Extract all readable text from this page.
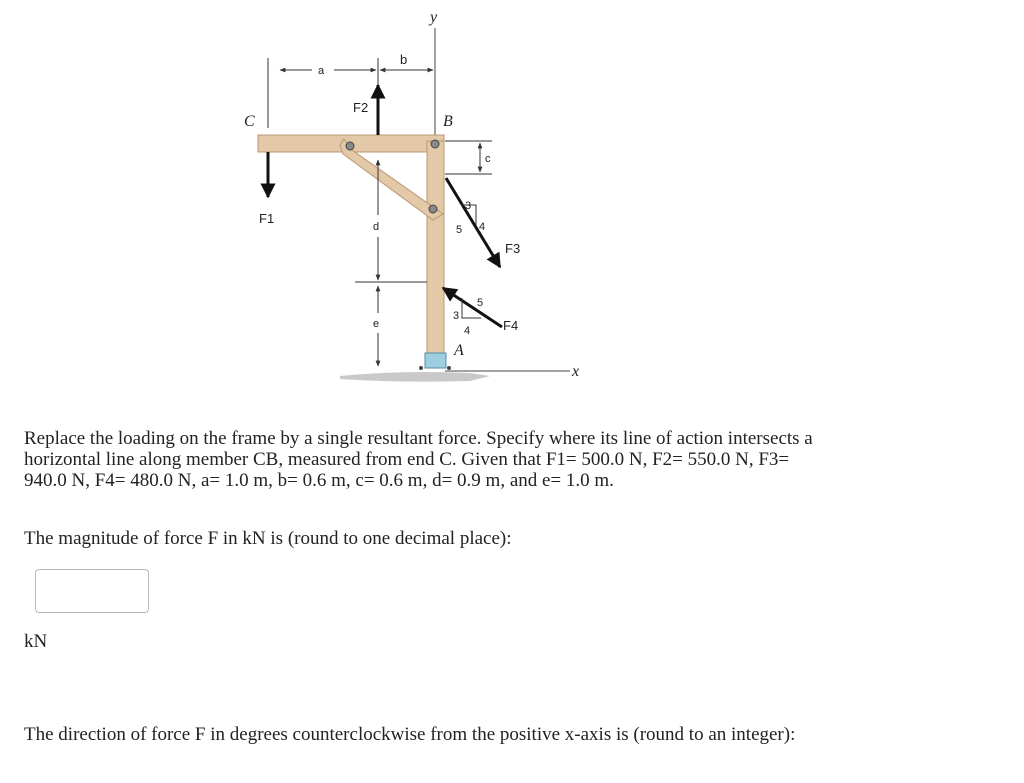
y
x
a
b
C	B
A
F1
F2
d
e
c
3
4
5
F3
3
4
5
F4

Replace the loading on the frame by a single resultant force. Specify where its line of action intersects a horizontal line along member CB, measured from end C. Given that F1= 500.0 N, F2= 550.0 N, F3= 940.0 N, F4= 480.0 N, a= 1.0 m, b= 0.6 m, c= 0.6 m, d= 0.9 m, and e= 1.0 m.

The magnitude of force F in kN is (round to one decimal place):

kN

The direction of force F in degrees counterclockwise from the positive x-axis is (round to an integer):
